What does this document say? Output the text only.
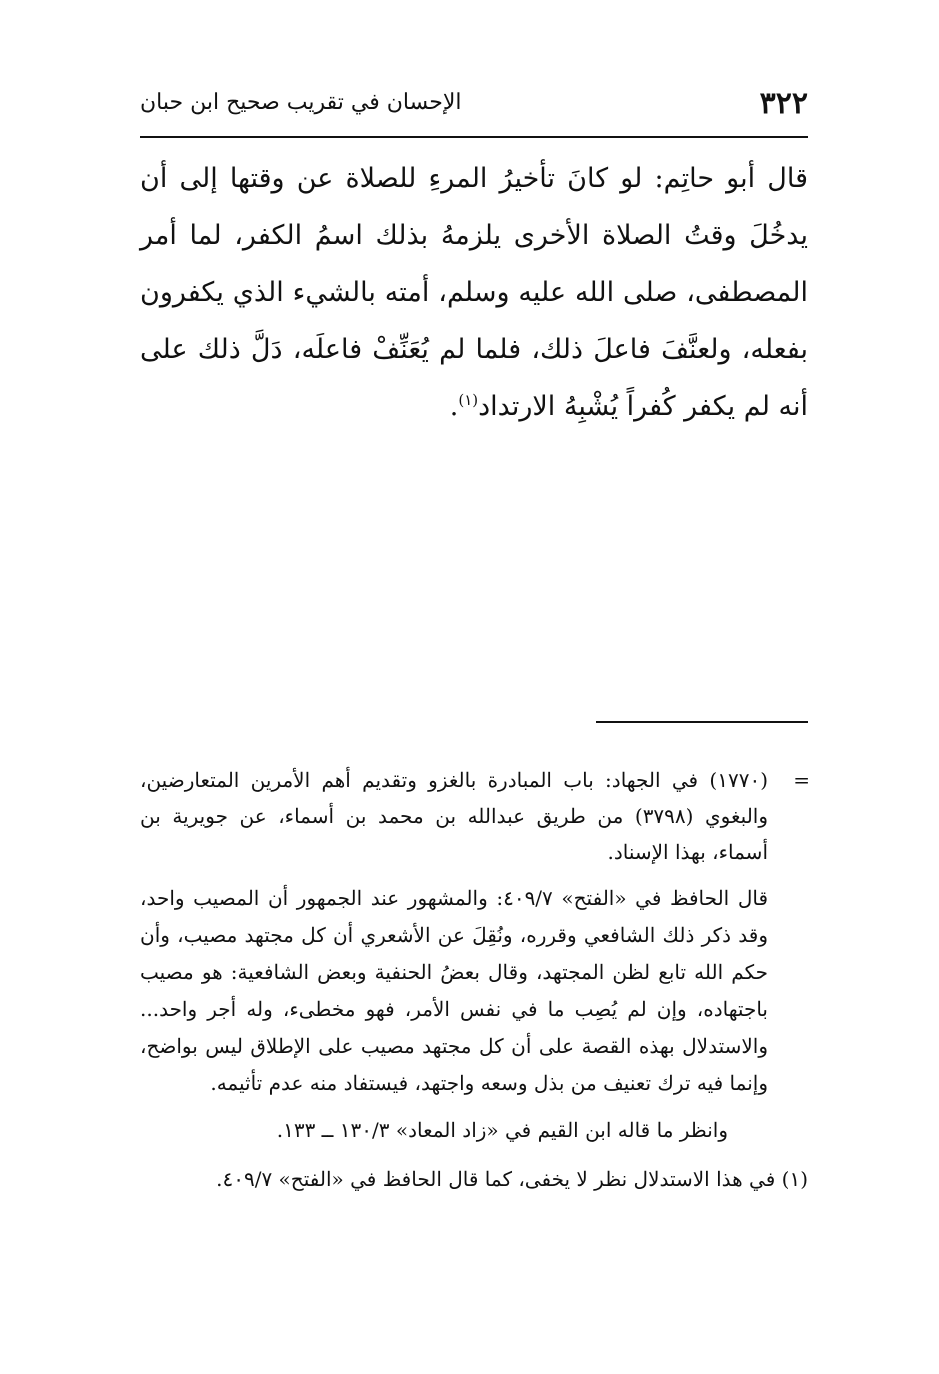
٣٢٢
الإحسان في تقريب صحيح ابن حبان

قال أبو حاتِم: لو كانَ تأخيرُ المرءِ للصلاة عن وقتها إلى أن يدخُلَ وقتُ الصلاة الأخرى يلزمهُ بذلك اسمُ الكفر، لما أمر المصطفى، صلى الله عليه وسلم، أمته بالشيء الذي يكفرون بفعله، ولعنَّفَ فاعلَ ذلك، فلما لم يُعَنِّفْ فاعلَه، دَلَّ ذلك على أنه لم يكفر كُفراً يُشْبِهُ الارتداد$^{(١)}$.

=
(١٧٧٠) في الجهاد: باب المبادرة بالغزو وتقديم أهم الأمرين المتعارضين، والبغوي (٣٧٩٨) من طريق عبدالله بن محمد بن أسماء، عن جويرية بن أسماء، بهذا الإسناد.

قال الحافظ في «الفتح» ٤٠٩/٧: والمشهور عند الجمهور أن المصيب واحد، وقد ذكر ذلك الشافعي وقرره، ونُقِلَ عن الأشعري أن كل مجتهد مصيب، وأن حكم الله تابع لظن المجتهد، وقال بعضُ الحنفية وبعض الشافعية: هو مصيب باجتهاده، وإن لم يُصِب ما في نفس الأمر، فهو مخطىء، وله أجر واحد... والاستدلال بهذه القصة على أن كل مجتهد مصيب على الإطلاق ليس بواضح، وإنما فيه ترك تعنيف من بذل وسعه واجتهد، فيستفاد منه عدم تأثيمه.

وانظر ما قاله ابن القيم في «زاد المعاد» ١٣٠/٣ ــ ١٣٣.

(١) في هذا الاستدلال نظر لا يخفى، كما قال الحافظ في «الفتح» ٤٠٩/٧.
